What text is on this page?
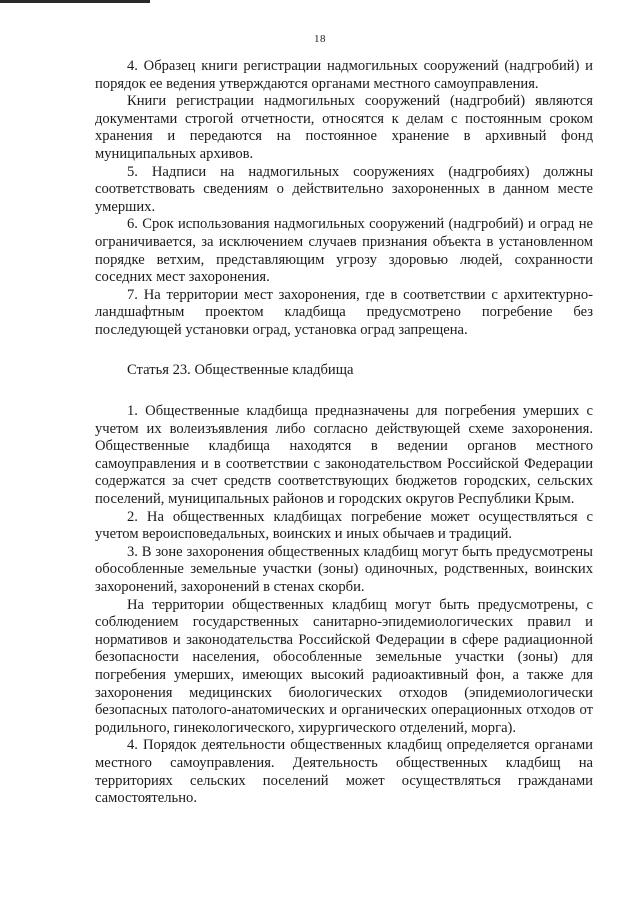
18

4. Образец книги регистрации надмогильных сооружений (надгробий) и порядок ее ведения утверждаются органами местного самоуправления.

Книги регистрации надмогильных сооружений (надгробий) являются документами строгой отчетности, относятся к делам с постоянным сроком хранения и передаются на постоянное хранение в архивный фонд муниципальных архивов.

5. Надписи на надмогильных сооружениях (надгробиях) должны соответствовать сведениям о действительно захороненных в данном месте умерших.

6. Срок использования надмогильных сооружений (надгробий) и оград не ограничивается, за исключением случаев признания объекта в установленном порядке ветхим, представляющим угрозу здоровью людей, сохранности соседних мест захоронения.

7. На территории мест захоронения, где в соответствии с архитектурно-ландшафтным проектом кладбища предусмотрено погребение без последующей установки оград, установка оград запрещена.

Статья 23. Общественные кладбища

1. Общественные кладбища предназначены для погребения умерших с учетом их волеизъявления либо согласно действующей схеме захоронения. Общественные кладбища находятся в ведении органов местного самоуправления и в соответствии с законодательством Российской Федерации содержатся за счет средств соответствующих бюджетов городских, сельских поселений, муниципальных районов и городских округов Республики Крым.

2. На общественных кладбищах погребение может осуществляться с учетом вероисповедальных, воинских и иных обычаев и традиций.

3. В зоне захоронения общественных кладбищ могут быть предусмотрены обособленные земельные участки (зоны) одиночных, родственных, воинских захоронений, захоронений в стенах скорби.

На территории общественных кладбищ могут быть предусмотрены, с соблюдением государственных санитарно-эпидемиологических правил и нормативов и законодательства Российской Федерации в сфере радиационной безопасности населения, обособленные земельные участки (зоны) для погребения умерших, имеющих высокий радиоактивный фон, а также для захоронения медицинских биологических отходов (эпидемиологически безопасных патолого-анатомических и органических операционных отходов от родильного, гинекологического, хирургического отделений, морга).

4. Порядок деятельности общественных кладбищ определяется органами местного самоуправления. Деятельность общественных кладбищ на территориях сельских поселений может осуществляться гражданами самостоятельно.
